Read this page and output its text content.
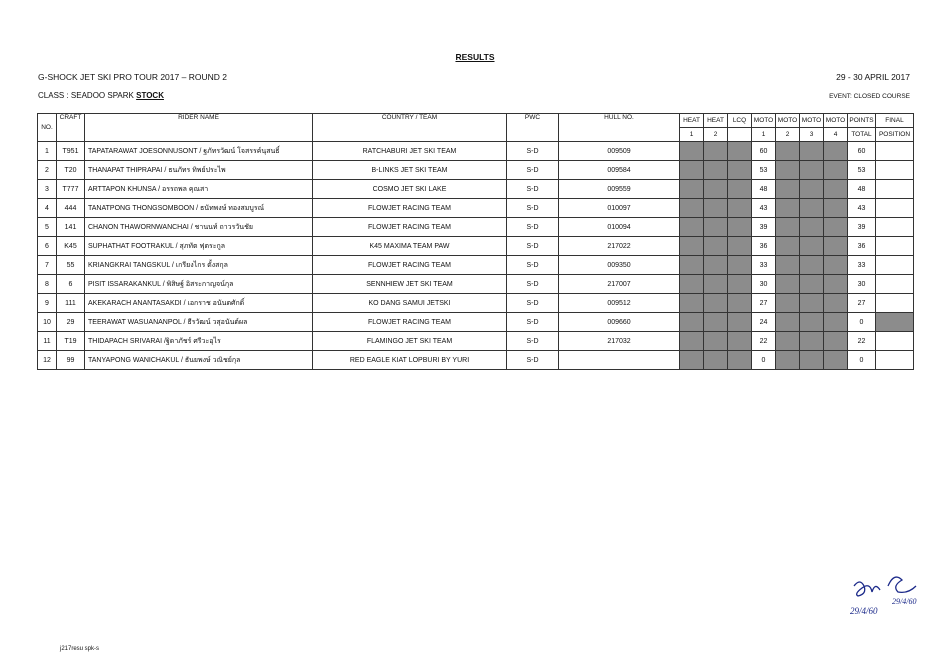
RESULTS
G-SHOCK JET SKI PRO TOUR 2017 – ROUND 2	29 - 30 APRIL 2017
CLASS : SEADOO SPARK STOCK	EVENT: CLOSED COURSE
NO.	CRAFT	RIDER NAME	COUNTRY / TEAM	PWC	HULL NO.	HEAT	HEAT	LCQ	MOTO	MOTO	MOTO	MOTO	POINTS	FINAL
						1	2		1	2	3	4	TOTAL	POSITION
1	T951	TAPATARAWAT JOESONNUSONT / ฐภัทรวัฒน์ โจสรรค์นุสนธิ์	RATCHABURI JET SKI TEAM	S-D	009509				60				60	
2	T20	THANAPAT THIPRAPAI / ธนภัทร ทิพย์ประไพ	B-LINKS JET SKI TEAM	S-D	009584				53				53	
3	T777	ARTTAPON KHUNSA / อรรถพล คุณสา	COSMO JET SKI LAKE	S-D	009559				48				48	
4	444	TANATPONG THONGSOMBOON / ธนัทพงษ์ ทองสมบูรณ์	FLOWJET RACING TEAM	S-D	010097				43				43	
5	141	CHANON THAWORNWANCHAI / ชานนท์ ถาวรวันชัย	FLOWJET RACING TEAM	S-D	010094				39				39	
6	K45	SUPHATHAT FOOTRAKUL / สุภทัต ฟุตระกูล	K45 MAXIMA TEAM PAW	S-D	217022				36				36	
7	55	KRIANGKRAI TANGSKUL / เกรียงไกร ตั้งสกุล	FLOWJET RACING TEAM	S-D	009350				33				33	
8	6	PISIT ISSARAKANKUL / พิสิษฐ์ อิสระกาญจน์กุล	SENNHIEW JET SKI TEAM	S-D	217007				30				30	
9	111	AKEKARACH ANANTASAKDI / เอกราช อนันตศักดิ์	KO DANG SAMUI JETSKI	S-D	009512				27				27	
10	29	TEERAWAT WASUANANPOL / ธีรวัฒน์ วสุอนันต์ผล	FLOWJET RACING TEAM	S-D	009660				24				0	
11	T19	THIDAPACH SRIVARAI /ฐิดาภัชร์ ศรีวะอุไร	FLAMINGO JET SKI TEAM	S-D	217032				22				22	
12	99	TANYAPONG WANICHAKUL / ธันยพงษ์ วณิชย์กุล	RED EAGLE KIAT LOPBURI BY YURI	S-D					0				0	
29/4/60
29/4/60
j217resu spk-s
